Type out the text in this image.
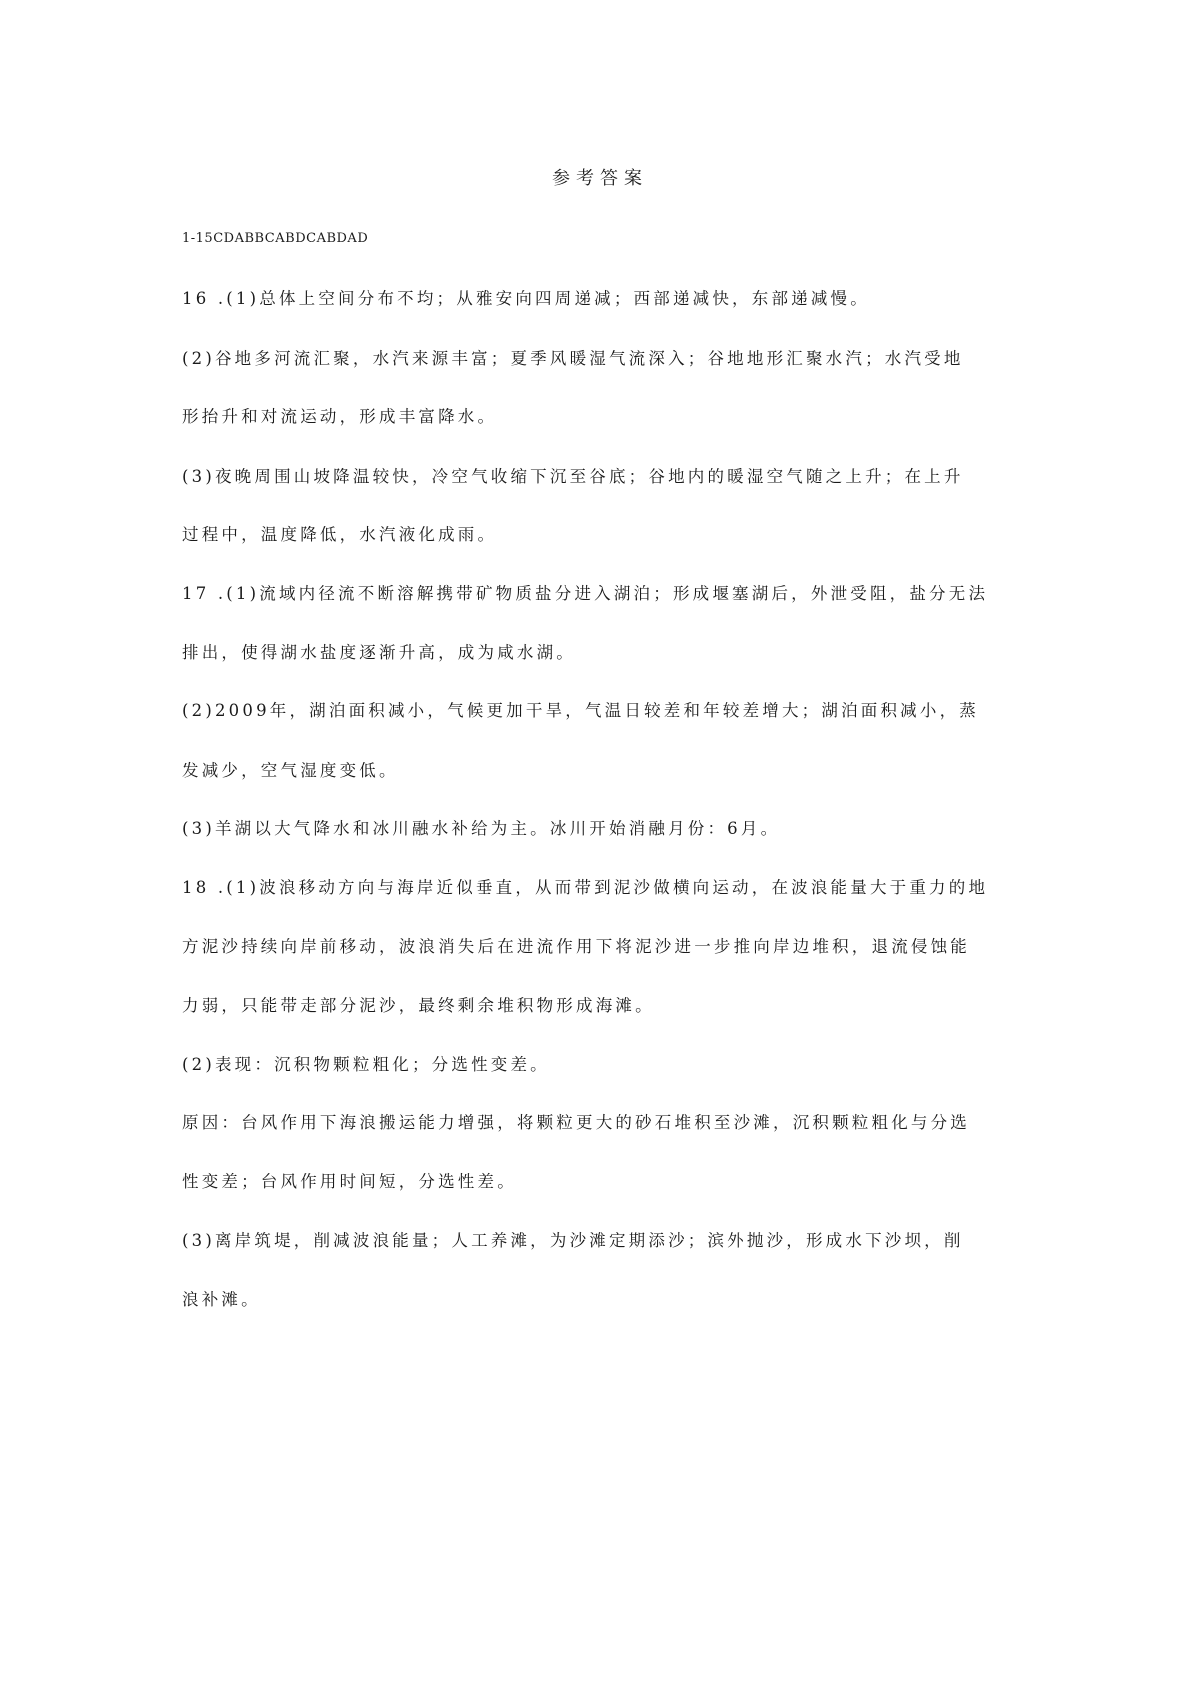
参考答案
1-15CDABBCABDCABDAD
16 .(1)总体上空间分布不均；从雅安向四周递减；西部递减快，东部递减慢。
(2)谷地多河流汇聚，水汽来源丰富；夏季风暖湿气流深入；谷地地形汇聚水汽；水汽受地
形抬升和对流运动，形成丰富降水。
(3)夜晚周围山坡降温较快，冷空气收缩下沉至谷底；谷地内的暖湿空气随之上升；在上升
过程中，温度降低，水汽液化成雨。
17 .(1)流域内径流不断溶解携带矿物质盐分进入湖泊；形成堰塞湖后，外泄受阻，盐分无法
排出，使得湖水盐度逐渐升高，成为咸水湖。
(2)2009年，湖泊面积减小，气候更加干旱，气温日较差和年较差增大；湖泊面积减小，蒸
发减少，空气湿度变低。
(3)羊湖以大气降水和冰川融水补给为主。冰川开始消融月份：6月。
18 .(1)波浪移动方向与海岸近似垂直，从而带到泥沙做横向运动，在波浪能量大于重力的地
方泥沙持续向岸前移动，波浪消失后在进流作用下将泥沙进一步推向岸边堆积，退流侵蚀能
力弱，只能带走部分泥沙，最终剩余堆积物形成海滩。
(2)表现：沉积物颗粒粗化；分选性变差。
原因：台风作用下海浪搬运能力增强，将颗粒更大的砂石堆积至沙滩，沉积颗粒粗化与分选
性变差；台风作用时间短，分选性差。
(3)离岸筑堤，削减波浪能量；人工养滩，为沙滩定期添沙；滨外抛沙，形成水下沙坝，削
浪补滩。
